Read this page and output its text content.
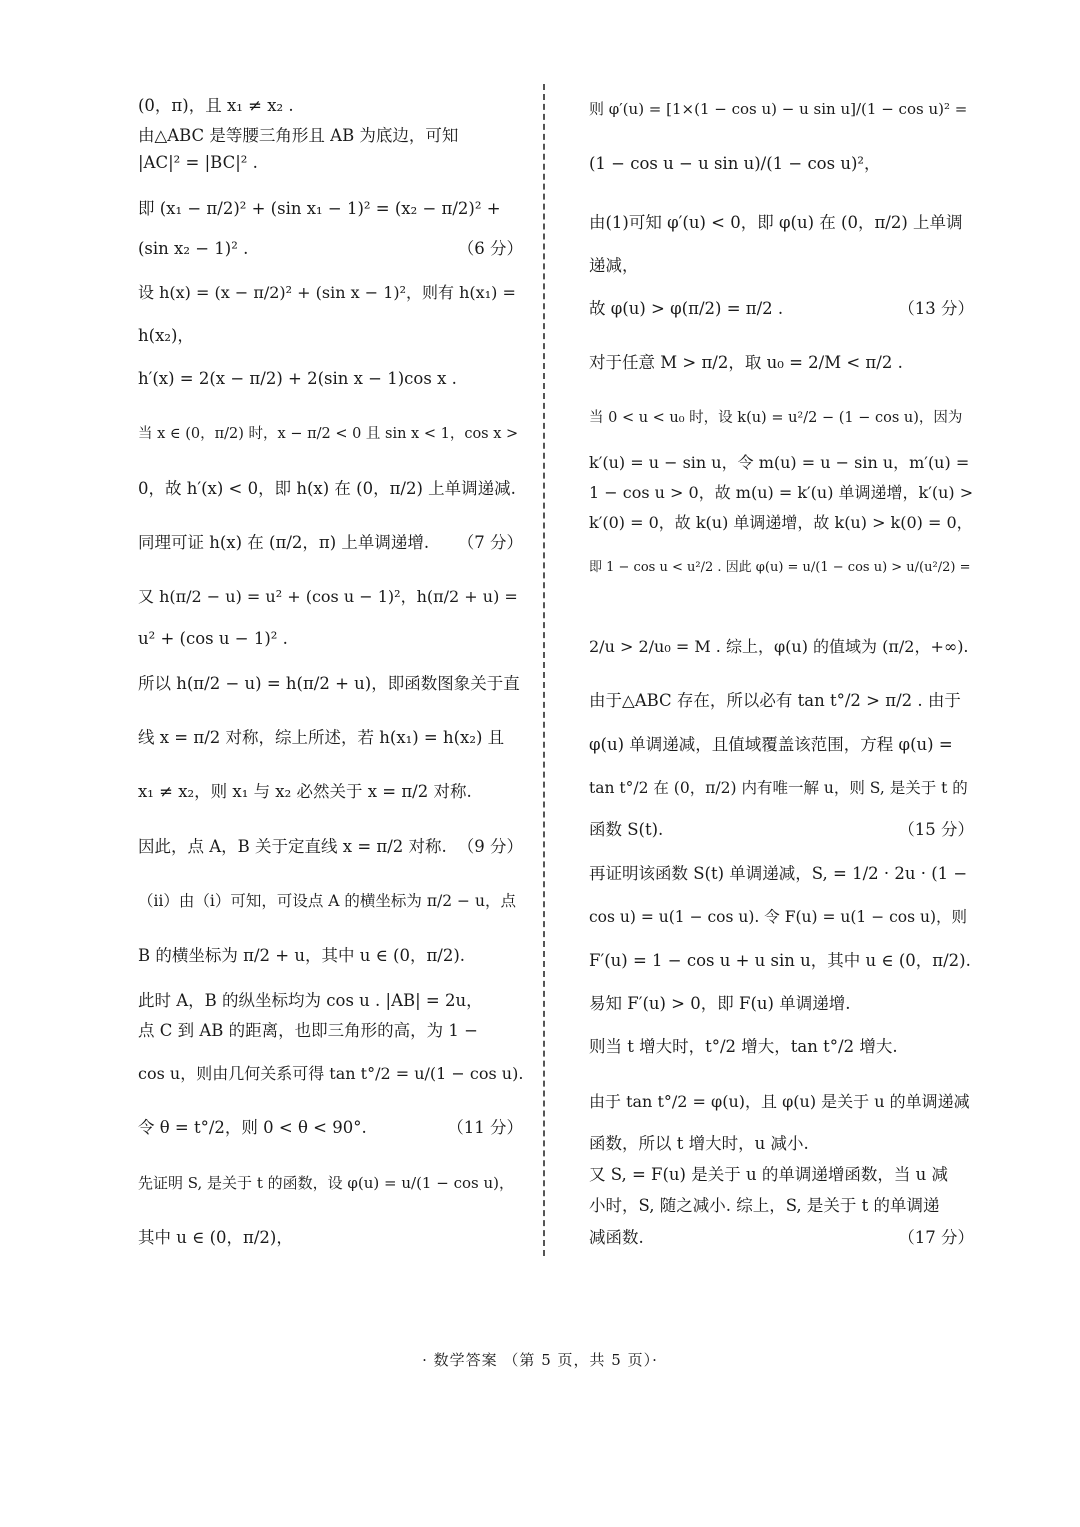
(0，π)，且 x₁ ≠ x₂ .
由△ABC 是等腰三角形且 AB 为底边，可知
|AC|² = |BC|² .
即 (x₁ − π/2)² + (sin x₁ − 1)² = (x₂ − π/2)² +
(sin x₂ − 1)² .	（6 分）
设 h(x) = (x − π/2)² + (sin x − 1)²，则有 h(x₁) =
h(x₂)，
h′(x) = 2(x − π/2) + 2(sin x − 1)cos x .
当 x ∈ (0，π/2) 时，x − π/2 < 0 且 sin x < 1，cos x >
0，故 h′(x) < 0，即 h(x) 在 (0，π/2) 上单调递减.
同理可证 h(x) 在 (π/2，π) 上单调递增. （7 分）
又 h(π/2 − u) = u² + (cos u − 1)²，h(π/2 + u) =
u² + (cos u − 1)² .
所以 h(π/2 − u) = h(π/2 + u)，即函数图象关于直
线 x = π/2 对称，综上所述，若 h(x₁) = h(x₂) 且
x₁ ≠ x₂，则 x₁ 与 x₂ 必然关于 x = π/2 对称.
因此，点 A，B 关于定直线 x = π/2 对称. （9 分）
（ⅱ）由（ⅰ）可知，可设点 A 的横坐标为 π/2 − u，点
B 的横坐标为 π/2 + u，其中 u ∈ (0，π/2).
此时 A，B 的纵坐标均为 cos u . |AB| = 2u，
点 C 到 AB 的距离，也即三角形的高，为 1 −
cos u，则由几何关系可得 tan t°/2 = u/(1 − cos u).
令 θ = t°/2，则 0 < θ < 90°.	（11 分）
先证明 S, 是关于 t 的函数，设 φ(u) = u/(1 − cos u)，
其中 u ∈ (0，π/2)，
则 φ′(u) = [1×(1 − cos u) − u sin u]/(1 − cos u)² =
(1 − cos u − u sin u)/(1 − cos u)²，
由(1)可知 φ′(u) < 0，即 φ(u) 在 (0，π/2) 上单调
递减，
故 φ(u) > φ(π/2) = π/2 .	（13 分）
对于任意 M > π/2，取 u₀ = 2/M < π/2 .
当 0 < u < u₀ 时，设 k(u) = u²/2 − (1 − cos u)，因为
k′(u) = u − sin u，令 m(u) = u − sin u，m′(u) =
1 − cos u > 0，故 m(u) = k′(u) 单调递增，k′(u) >
k′(0) = 0，故 k(u) 单调递增，故 k(u) > k(0) = 0，
即 1 − cos u < u²/2 . 因此 φ(u) = u/(1 − cos u) > u/(u²/2) =
2/u > 2/u₀ = M . 综上，φ(u) 的值域为 (π/2，+∞).
由于△ABC 存在，所以必有 tan t°/2 > π/2 . 由于
φ(u) 单调递减，且值域覆盖该范围，方程 φ(u) =
tan t°/2 在 (0，π/2) 内有唯一解 u，则 S, 是关于 t 的
函数 S(t).	（15 分）
再证明该函数 S(t) 单调递减，S, = 1/2 · 2u · (1 −
cos u) = u(1 − cos u). 令 F(u) = u(1 − cos u)，则
F′(u) = 1 − cos u + u sin u，其中 u ∈ (0，π/2).
易知 F′(u) > 0，即 F(u) 单调递增.
则当 t 增大时，t°/2 增大，tan t°/2 增大.
由于 tan t°/2 = φ(u)，且 φ(u) 是关于 u 的单调递减
函数，所以 t 增大时，u 减小.
又 S, = F(u) 是关于 u 的单调递增函数，当 u 减
小时，S, 随之减小. 综上，S, 是关于 t 的单调递
减函数.	（17 分）
· 数学答案 （第 5 页，共 5 页）·
